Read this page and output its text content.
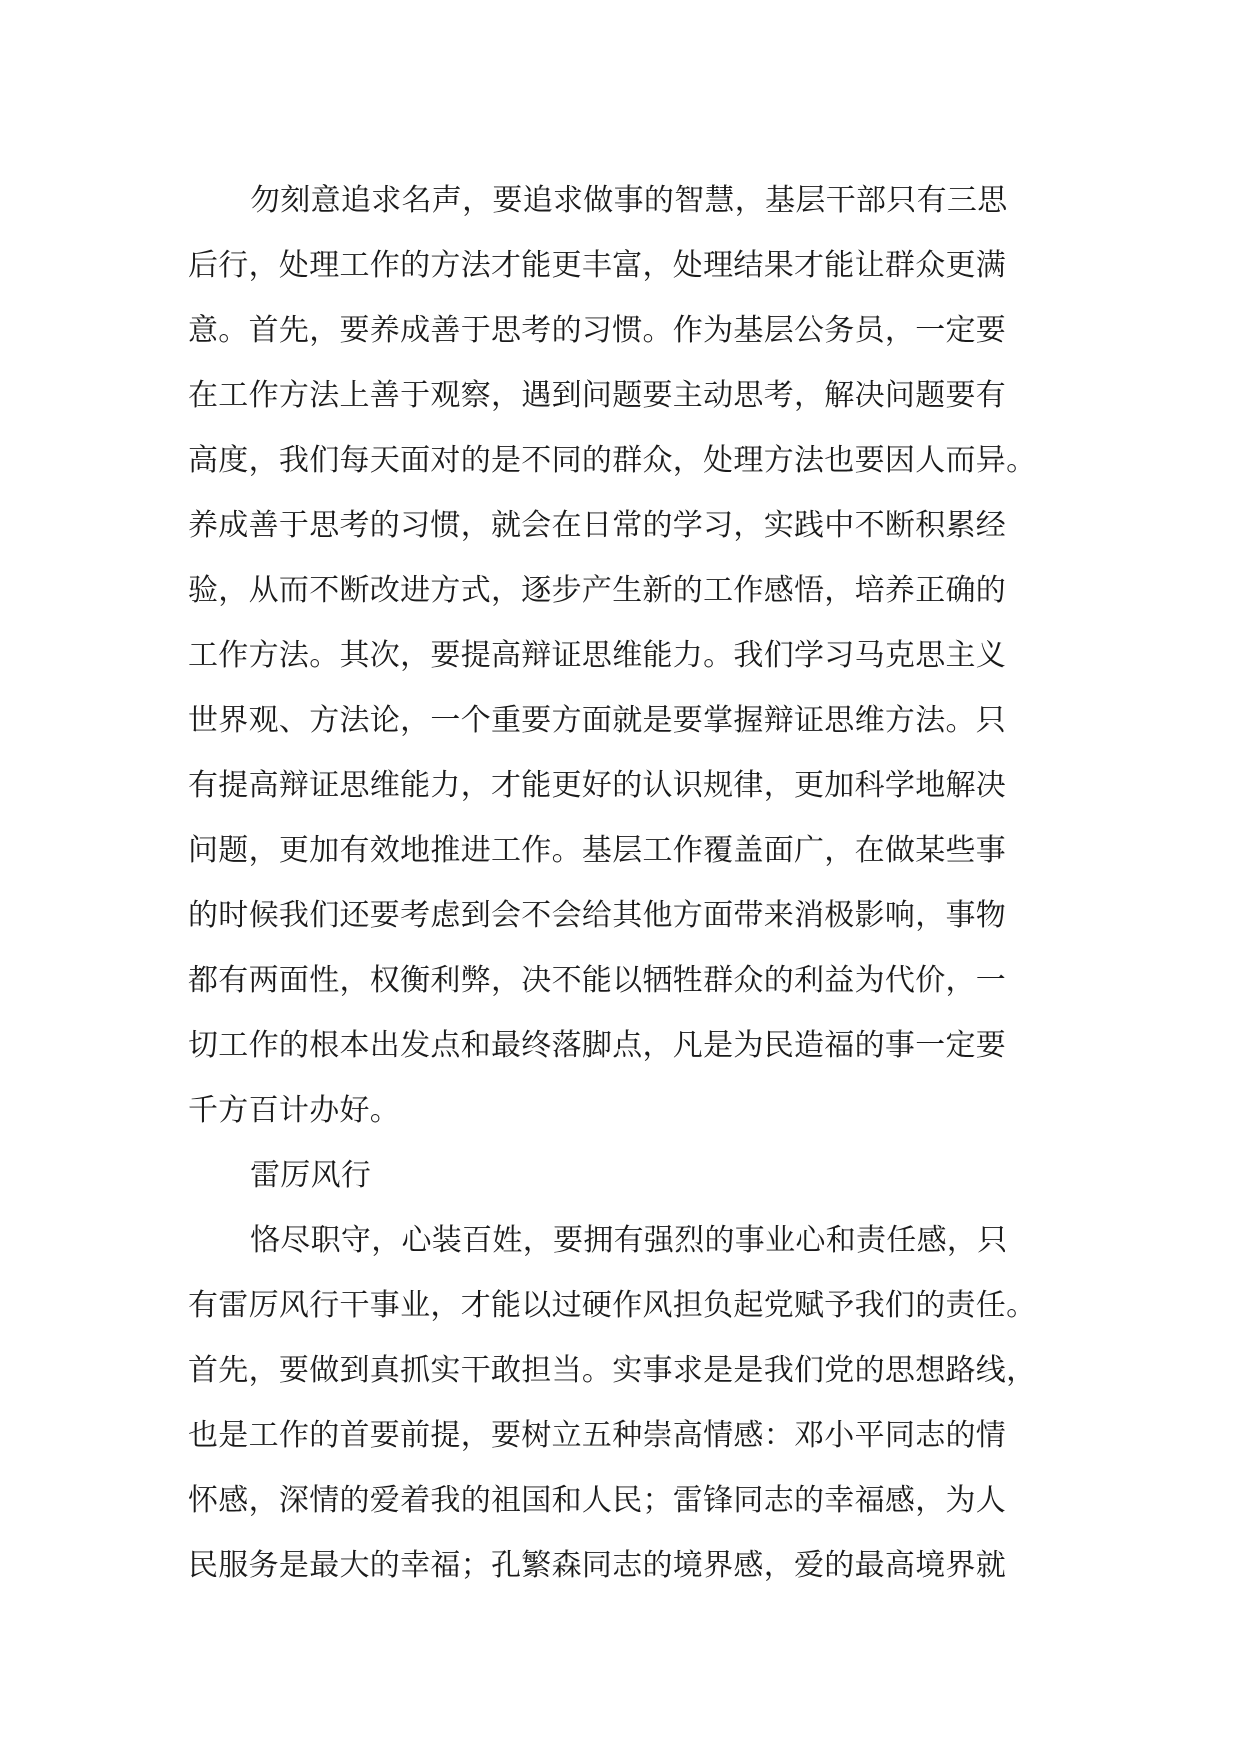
勿刻意追求名声，要追求做事的智慧，基层干部只有三思
后行，处理工作的方法才能更丰富，处理结果才能让群众更满
意。首先，要养成善于思考的习惯。作为基层公务员，一定要
在工作方法上善于观察，遇到问题要主动思考，解决问题要有
高度，我们每天面对的是不同的群众，处理方法也要因人而异。
养成善于思考的习惯，就会在日常的学习，实践中不断积累经
验，从而不断改进方式，逐步产生新的工作感悟，培养正确的
工作方法。其次，要提高辩证思维能力。我们学习马克思主义
世界观、方法论，一个重要方面就是要掌握辩证思维方法。只
有提高辩证思维能力，才能更好的认识规律，更加科学地解决
问题，更加有效地推进工作。基层工作覆盖面广，在做某些事
的时候我们还要考虑到会不会给其他方面带来消极影响，事物
都有两面性，权衡利弊，决不能以牺牲群众的利益为代价，一
切工作的根本出发点和最终落脚点，凡是为民造福的事一定要
千方百计办好。
雷厉风行
恪尽职守，心装百姓，要拥有强烈的事业心和责任感，只
有雷厉风行干事业，才能以过硬作风担负起党赋予我们的责任。
首先，要做到真抓实干敢担当。实事求是是我们党的思想路线，
也是工作的首要前提，要树立五种崇高情感：邓小平同志的情
怀感，深情的爱着我的祖国和人民；雷锋同志的幸福感，为人
民服务是最大的幸福；孔繁森同志的境界感，爱的最高境界就
